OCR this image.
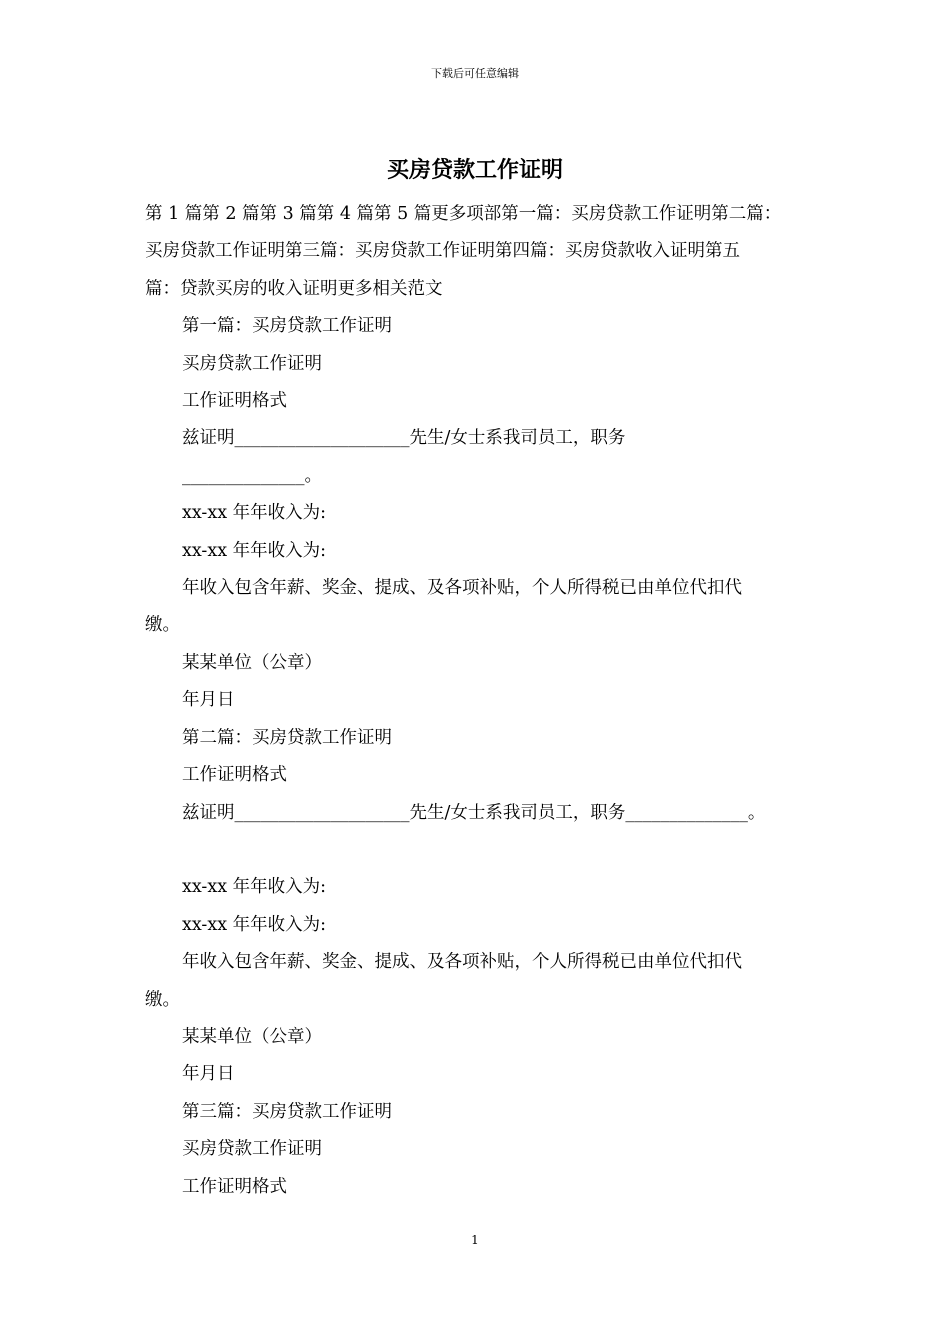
下载后可任意编辑
买房贷款工作证明

第 1 篇第 2 篇第 3 篇第 4 篇第 5 篇更多项部第一篇：买房贷款工作证明第二篇：

买房贷款工作证明第三篇：买房贷款工作证明第四篇：买房贷款收入证明第五

篇：贷款买房的收入证明更多相关范文

第一篇：买房贷款工作证明

买房贷款工作证明

工作证明格式

兹证明____________________先生/女士系我司员工，职务

______________。

xx-xx 年年收入为:

xx-xx 年年收入为:

年收入包含年薪、奖金、提成、及各项补贴，个人所得税已由单位代扣代

缴。

某某单位（公章）

年月日

第二篇：买房贷款工作证明

工作证明格式

兹证明____________________先生/女士系我司员工，职务______________。

xx-xx 年年收入为:

xx-xx 年年收入为:

年收入包含年薪、奖金、提成、及各项补贴，个人所得税已由单位代扣代

缴。

某某单位（公章）

年月日

第三篇：买房贷款工作证明

买房贷款工作证明

工作证明格式

1
